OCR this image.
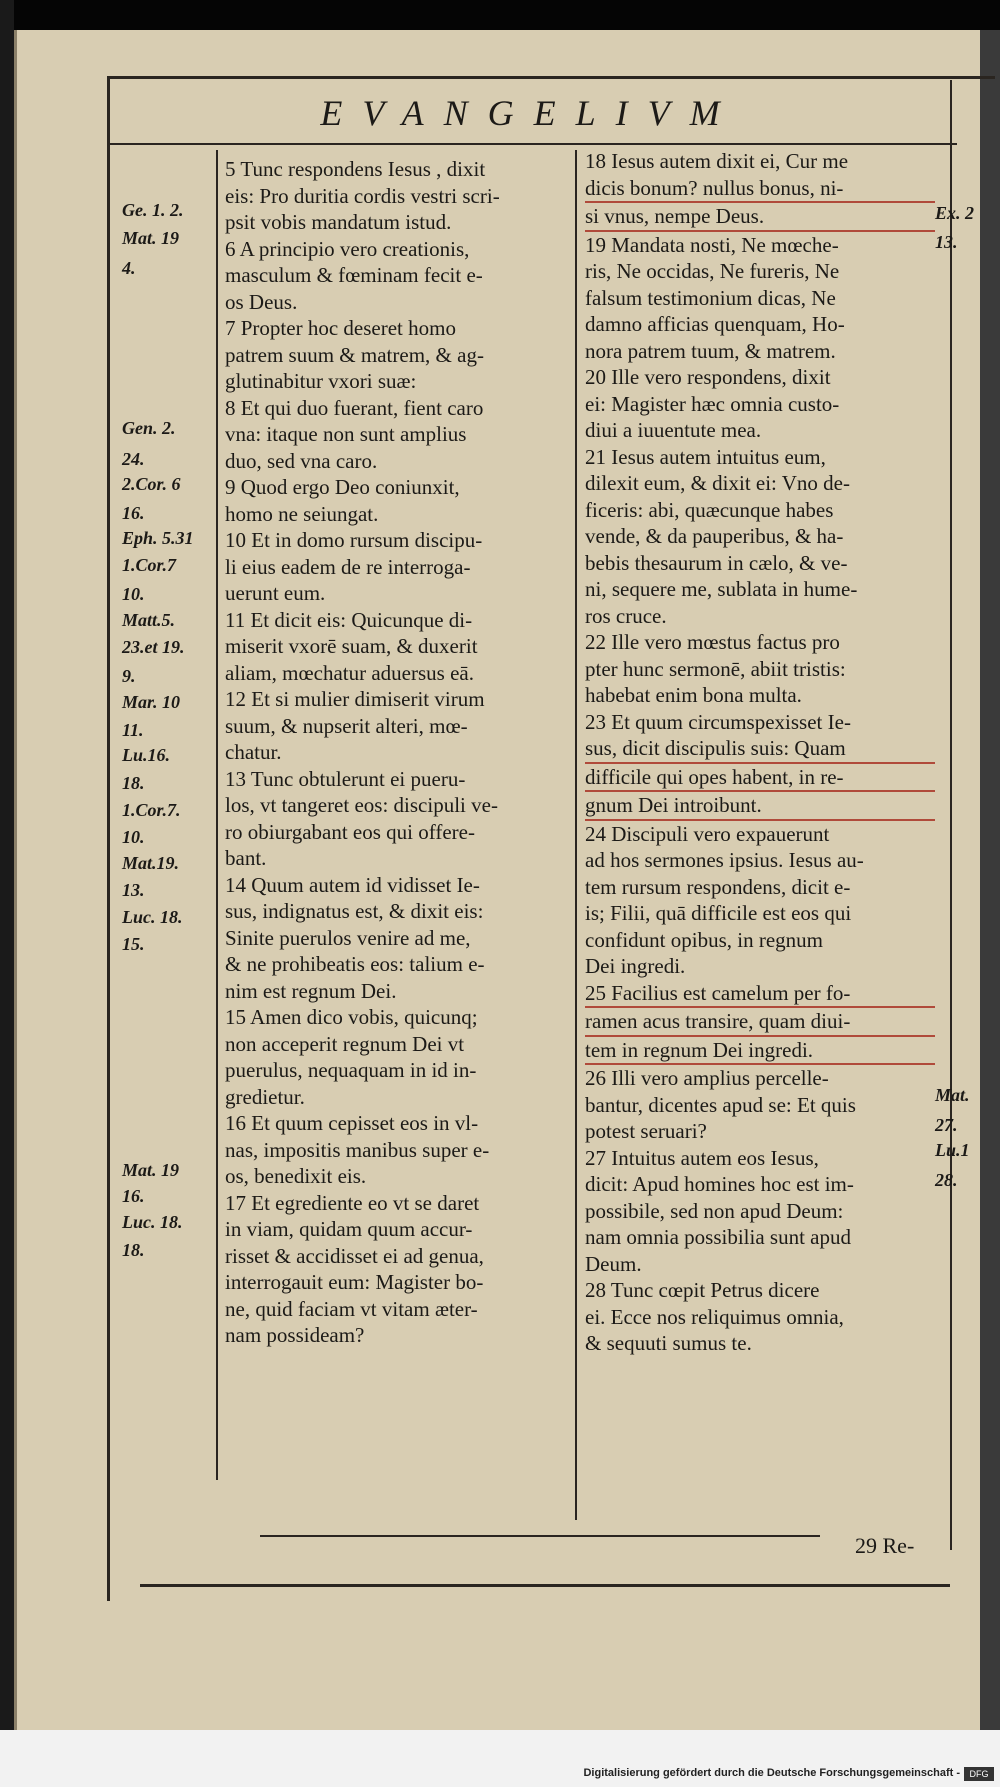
EVANGELIVM
5 Tunc respondens Iesus , dixit
eis: Pro duritia cordis vestri scri-
psit vobis mandatum istud.
6 A principio vero creationis,
masculum & fœminam fecit e-
os Deus.
7 Propter hoc deseret homo
patrem suum & matrem, & ag-
glutinabitur vxori suæ:
8 Et qui duo fuerant, fient caro
vna: itaque non sunt amplius
duo, sed vna caro.
9 Quod ergo Deo coniunxit,
homo ne seiungat.
10 Et in domo rursum discipu-
li eius eadem de re interroga-
uerunt eum.
11 Et dicit eis: Quicunque di-
miserit vxorē suam, & duxerit
aliam, mœchatur aduersus eā.
12 Et si mulier dimiserit virum
suum, & nupserit alteri, mœ-
chatur.
13 Tunc obtulerunt ei pueru-
los, vt tangeret eos: discipuli ve-
ro obiurgabant eos qui offere-
bant.
14 Quum autem id vidisset Ie-
sus, indignatus est, & dixit eis:
Sinite puerulos venire ad me,
& ne prohibeatis eos: talium e-
nim est regnum Dei.
15 Amen dico vobis, quicunq;
non acceperit regnum Dei vt
puerulus, nequaquam in id in-
gredietur.
16 Et quum cepisset eos in vl-
nas, impositis manibus super e-
os, benedixit eis.
17 Et egrediente eo vt se daret
in viam, quidam quum accur-
risset & accidisset ei ad genua,
interrogauit eum: Magister bo-
ne, quid faciam vt vitam æter-
nam possideam?
18 Iesus autem dixit ei, Cur me
dicis bonum? nullus bonus, ni-
si vnus, nempe Deus.
19 Mandata nosti, Ne mœche-
ris, Ne occidas, Ne fureris, Ne
falsum testimonium dicas, Ne
damno afficias quenquam, Ho-
nora patrem tuum, & matrem.
20 Ille vero respondens, dixit
ei: Magister hæc omnia custo-
diui a iuuentute mea.
21 Iesus autem intuitus eum,
dilexit eum, & dixit ei: Vno de-
ficeris: abi, quæcunque habes
vende, & da pauperibus, & ha-
bebis thesaurum in cælo, & ve-
ni, sequere me, sublata in hume-
ros cruce.
22 Ille vero mœstus factus pro
pter hunc sermonē, abiit tristis:
habebat enim bona multa.
23 Et quum circumspexisset Ie-
sus, dicit discipulis suis: Quam
difficile qui opes habent, in re-
gnum Dei introibunt.
24 Discipuli vero expauerunt
ad hos sermones ipsius. Iesus au-
tem rursum respondens, dicit e-
is; Filii, quā difficile est eos qui
confidunt opibus, in regnum
Dei ingredi.
25 Facilius est camelum per fo-
ramen acus transire, quam diui-
tem in regnum Dei ingredi.
26 Illi vero amplius percelle-
bantur, dicentes apud se: Et quis
potest seruari?
27 Intuitus autem eos Iesus,
dicit: Apud homines hoc est im-
possibile, sed non apud Deum:
nam omnia possibilia sunt apud
Deum.
28 Tunc cœpit Petrus dicere
ei. Ecce nos reliquimus omnia,
& sequuti sumus te.
Ge. 1. 2.
Mat. 19
4.
Gen. 2.
24.
2.Cor. 6
16.
Eph. 5.31
1.Cor.7
10.
Matt.5.
23.et 19.
9.
Mar. 10
11.
Lu.16.
18.
1.Cor.7.
10.
Mat.19.
13.
Luc. 18.
15.
Mat. 19
16.
Luc. 18.
18.
Ex. 2
13.
Mat.
27.
Lu.1
28.
29 Re-
Digitalisierung gefördert durch die Deutsche Forschungsgemeinschaft -	DFG
